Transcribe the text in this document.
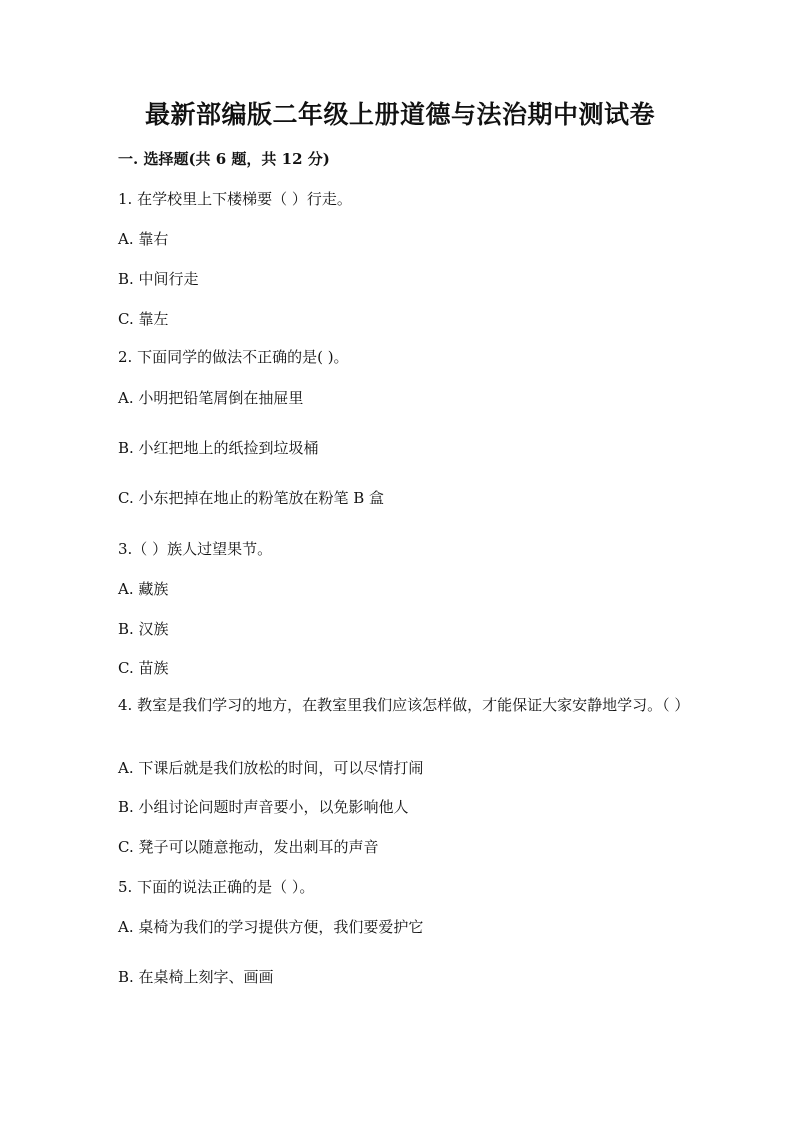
最新部编版二年级上册道德与法治期中测试卷
一. 选择题(共 6 题，共 12 分)
1. 在学校里上下楼梯要（ ）行走。
A. 靠右
B. 中间行走
C. 靠左
2. 下面同学的做法不正确的是( )。
A. 小明把铅笔屑倒在抽屉里
B. 小红把地上的纸捡到垃圾桶
C. 小东把掉在地止的粉笔放在粉笔 B 盒
3.（ ）族人过望果节。
A. 藏族
B. 汉族
C. 苗族
4. 教室是我们学习的地方，在教室里我们应该怎样做，才能保证大家安静地学习。（ ）
A. 下课后就是我们放松的时间，可以尽情打闹
B. 小组讨论问题时声音要小，以免影响他人
C. 凳子可以随意拖动，发出刺耳的声音
5. 下面的说法正确的是（ ）。
A. 桌椅为我们的学习提供方便，我们要爱护它
B. 在桌椅上刻字、画画
